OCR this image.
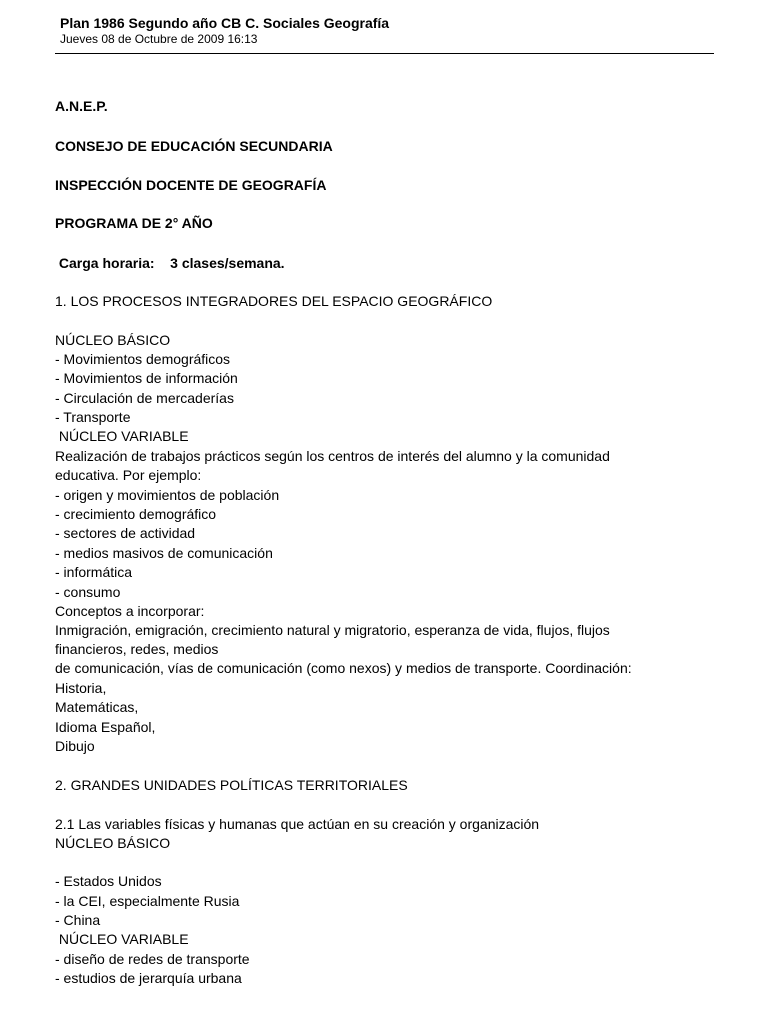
Plan 1986 Segundo año CB C. Sociales Geografía

Jueves 08 de Octubre de 2009 16:13

A.N.E.P.

CONSEJO DE EDUCACIÓN SECUNDARIA

INSPECCIÓN DOCENTE DE GEOGRAFÍA

PROGRAMA DE 2° AÑO

Carga horaria:    3 clases/semana.

1. LOS PROCESOS INTEGRADORES DEL ESPACIO GEOGRÁFICO

NÚCLEO BÁSICO

- Movimientos demográficos

- Movimientos de información

- Circulación de mercaderías

- Transporte

NÚCLEO VARIABLE

Realización de trabajos prácticos según los centros de interés del alumno y la comunidad

educativa. Por ejemplo:

- origen y movimientos de población

- crecimiento demográfico

- sectores de actividad

- medios masivos de comunicación

- informática

- consumo

Conceptos a incorporar:

Inmigración, emigración, crecimiento natural y migratorio, esperanza de vida, flujos, flujos

financieros, redes, medios

de comunicación, vías de comunicación (como nexos) y medios de transporte. Coordinación:

Historia,

Matemáticas,

Idioma Español,

Dibujo

2. GRANDES UNIDADES POLÍTICAS TERRITORIALES

2.1 Las variables físicas y humanas que actúan en su creación y organización

NÚCLEO BÁSICO

- Estados Unidos

- la CEI, especialmente Rusia

- China

NÚCLEO VARIABLE

- diseño de redes de transporte

- estudios de jerarquía urbana
